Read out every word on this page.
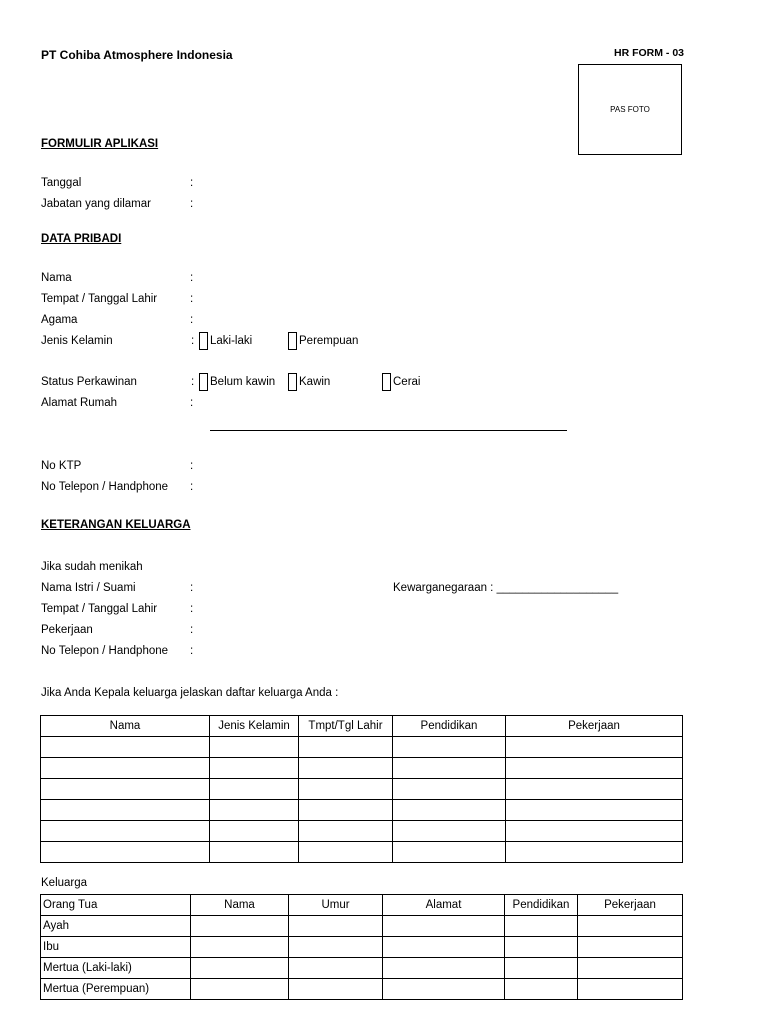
PT Cohiba Atmosphere Indonesia	HR FORM - 03
PAS FOTO
FORMULIR APLIKASI
Tanggal	:
Jabatan yang dilamar	:
DATA PRIBADI
Nama	:
Tempat / Tanggal Lahir	:
Agama	:
Jenis Kelamin	: Laki-laki	Perempuan
Status Perkawinan	: Belum kawin Kawin	Cerai
Alamat Rumah	:
No KTP	:
No Telepon / Handphone :
KETERANGAN KELUARGA
Jika sudah menikah
Nama Istri / Suami	:	Kewarganegaraan : ___________________
Tempat / Tanggal Lahir	:
Pekerjaan	:
No Telepon / Handphone :
Jika Anda Kepala keluarga jelaskan daftar keluarga Anda :
Nama	Jenis Kelamin	Tmpt/Tgl Lahir	Pendidikan	Pekerjaan

Keluarga
Orang Tua	Nama	Umur	Alamat	Pendidikan	Pekerjaan
Ayah					
Ibu					
Mertua (Laki-laki)					
Mertua (Perempuan)					
